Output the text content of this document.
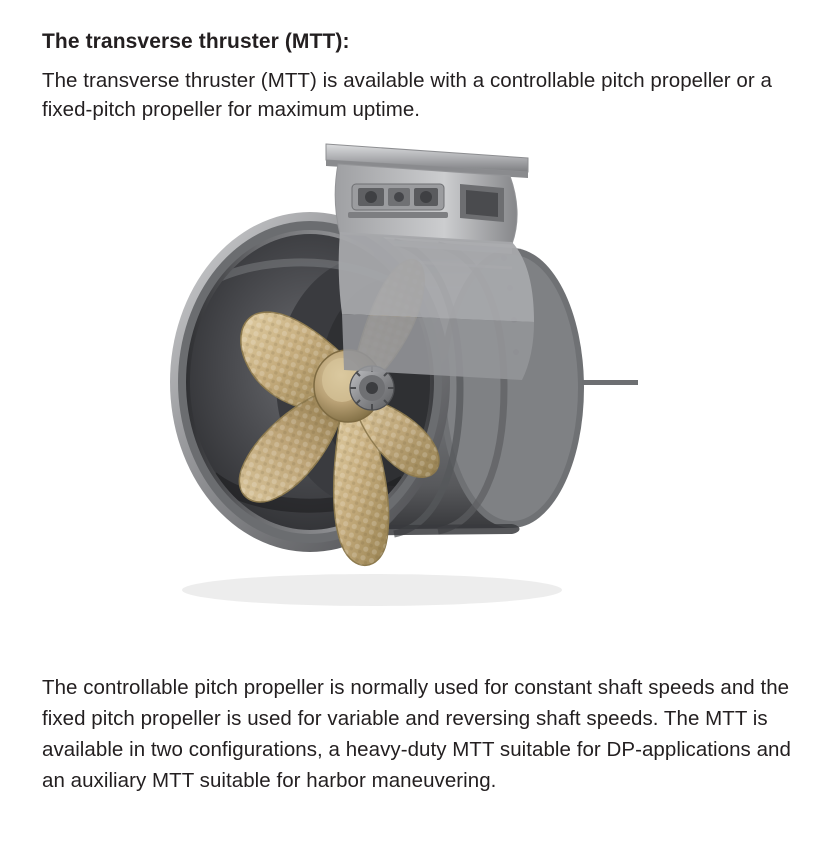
The transverse thruster (MTT):

The transverse thruster (MTT) is available with a controllable pitch propeller or a fixed-pitch propeller for maximum uptime.

The controllable pitch propeller is normally used for constant shaft speeds and the fixed pitch propeller is used for variable and reversing shaft speeds. The MTT is available in two configurations, a heavy-duty MTT suitable for DP-applications and an auxiliary MTT suitable for harbor maneuvering.
